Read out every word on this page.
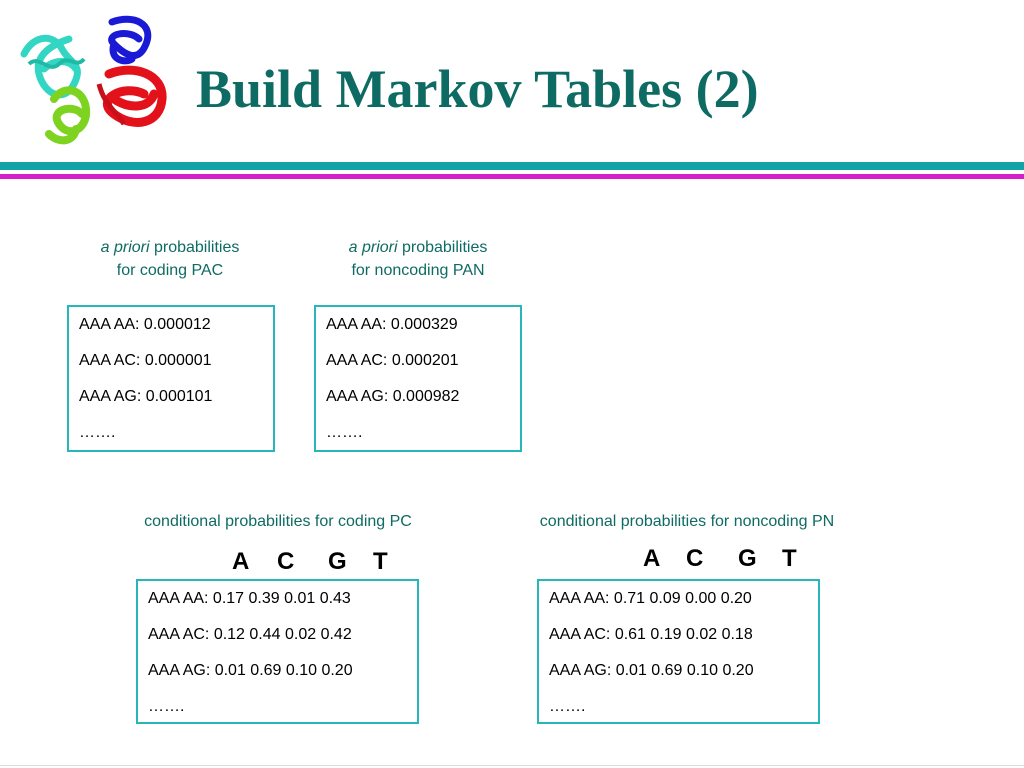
Build Markov Tables (2)
a priori probabilities
for coding PAC
AAA AA: 0.000012
AAA AC: 0.000001
AAA AG: 0.000101
…….
a priori probabilities
for noncoding PAN
AAA AA: 0.000329
AAA AC: 0.000201
AAA AG: 0.000982
…….
conditional probabilities for coding PC
A C G T
AAA AA: 0.17 0.39 0.01 0.43
AAA AC: 0.12 0.44 0.02 0.42
AAA AG: 0.01 0.69 0.10 0.20
…….
conditional probabilities for noncoding PN
A C G T
AAA AA: 0.71 0.09 0.00 0.20
AAA AC: 0.61 0.19 0.02 0.18
AAA AG: 0.01 0.69 0.10 0.20
…….
